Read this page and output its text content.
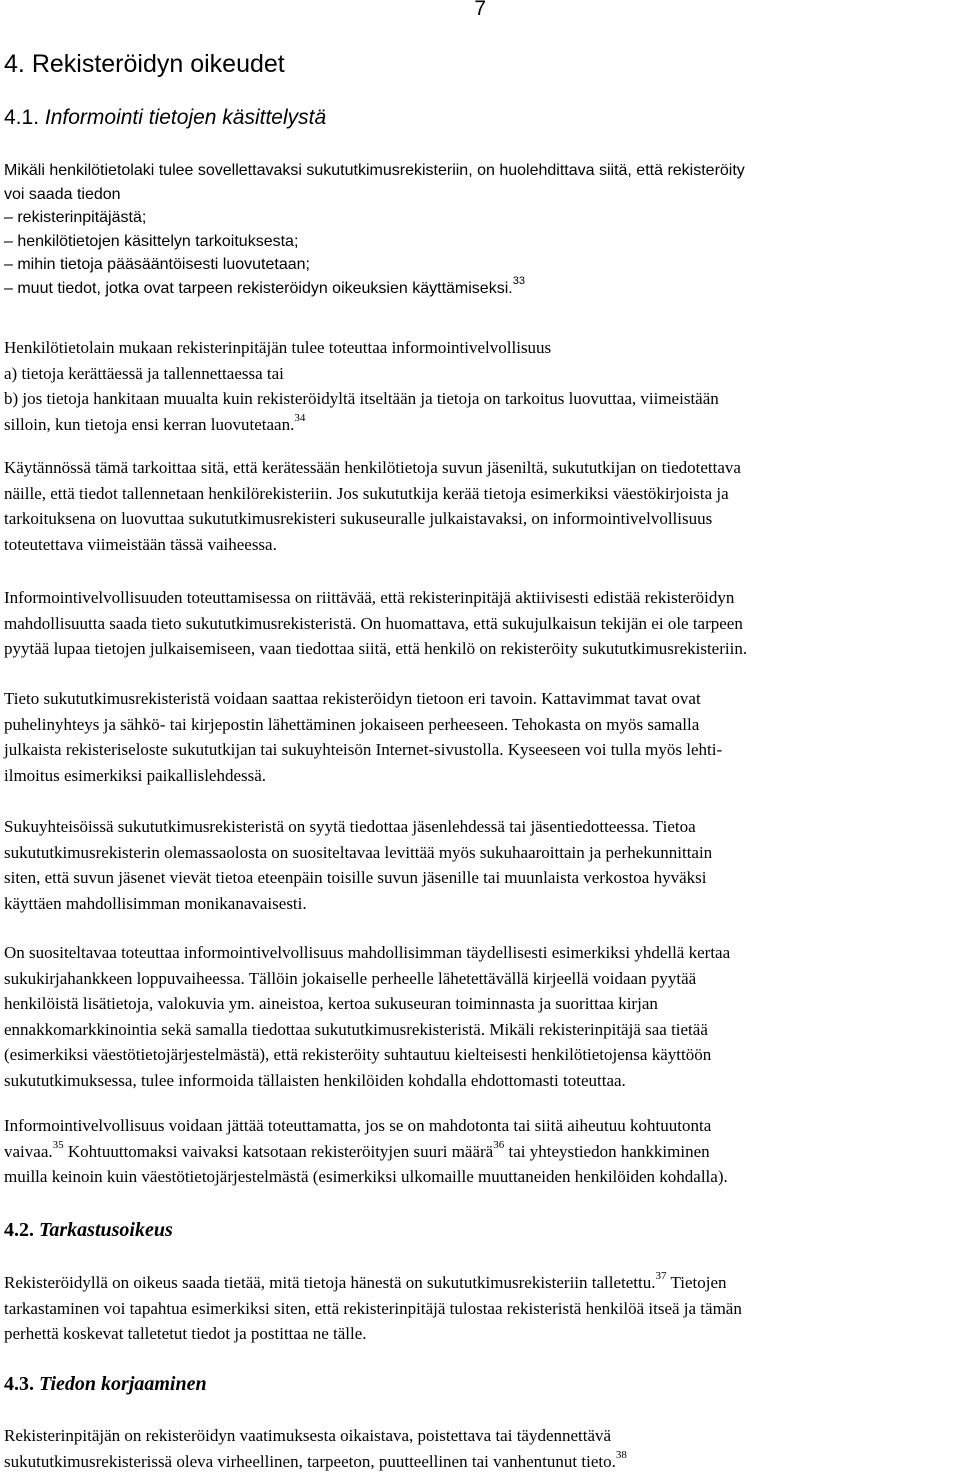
7
4. Rekisteröidyn oikeudet
4.1. Informointi tietojen käsittelystä
Mikäli henkilötietolaki tulee sovellettavaksi sukututkimusrekisteriin, on huolehdittava siitä, että rekisteröity
voi saada tiedon
– rekisterinpitäjästä;
– henkilötietojen käsittelyn tarkoituksesta;
– mihin tietoja pääsääntöisesti luovutetaan;
– muut tiedot, jotka ovat tarpeen rekisteröidyn oikeuksien käyttämiseksi.$^{33}$
Henkilötietolain mukaan rekisterinpitäjän tulee toteuttaa informointivelvollisuus
a) tietoja kerättäessä ja tallennettaessa tai
b) jos tietoja hankitaan muualta kuin rekisteröidyltä itseltään ja tietoja on tarkoitus luovuttaa, viimeistään
silloin, kun tietoja ensi kerran luovutetaan.$^{34}$
Käytännössä tämä tarkoittaa sitä, että kerätessään henkilötietoja suvun jäseniltä, sukututkijan on tiedotettava
näille, että tiedot tallennetaan henkilörekisteriin. Jos sukututkija kerää tietoja esimerkiksi väestökirjoista ja
tarkoituksena on luovuttaa sukututkimusrekisteri sukuseuralle julkaistavaksi, on informointivelvollisuus
toteutettava viimeistään tässä vaiheessa.
Informointivelvollisuuden toteuttamisessa on riittävää, että rekisterinpitäjä aktiivisesti edistää rekisteröidyn
mahdollisuutta saada tieto sukututkimusrekisteristä. On huomattava, että sukujulkaisun tekijän ei ole tarpeen
pyytää lupaa tietojen julkaisemiseen, vaan tiedottaa siitä, että henkilö on rekisteröity sukututkimusrekisteriin.
Tieto sukututkimusrekisteristä voidaan saattaa rekisteröidyn tietoon eri tavoin. Kattavimmat tavat ovat
puhelinyhteys ja sähkö- tai kirjepostin lähettäminen jokaiseen perheeseen. Tehokasta on myös samalla
julkaista rekisteriseloste sukututkijan tai sukuyhteisön Internet-sivustolla. Kyseeseen voi tulla myös lehti-
ilmoitus esimerkiksi paikallislehdessä.
Sukuyhteisöissä sukututkimusrekisteristä on syytä tiedottaa jäsenlehdessä tai jäsentiedotteessa. Tietoa
sukututkimusrekisterin olemassaolosta on suositeltavaa levittää myös sukuhaaroittain ja perhekunnittain
siten, että suvun jäsenet vievät tietoa eteenpäin toisille suvun jäsenille tai muunlaista verkostoa hyväksi
käyttäen mahdollisimman monikanavaisesti.
On suositeltavaa toteuttaa informointivelvollisuus mahdollisimman täydellisesti esimerkiksi yhdellä kertaa
sukukirjahankkeen loppuvaiheessa. Tällöin jokaiselle perheelle lähetettävällä kirjeellä voidaan pyytää
henkilöistä lisätietoja, valokuvia ym. aineistoa, kertoa sukuseuran toiminnasta ja suorittaa kirjan
ennakkomarkkinointia sekä samalla tiedottaa sukututkimusrekisteristä. Mikäli rekisterinpitäjä saa tietää
(esimerkiksi väestötietojärjestelmästä), että rekisteröity suhtautuu kielteisesti henkilötietojensa käyttöön
sukututkimuksessa, tulee informoida tällaisten henkilöiden kohdalla ehdottomasti toteuttaa.
Informointivelvollisuus voidaan jättää toteuttamatta, jos se on mahdotonta tai siitä aiheutuu kohtuutonta
vaivaa.$^{35}$ Kohtuuttomaksi vaivaksi katsotaan rekisteröityjen suuri määrä$^{36}$ tai yhteystiedon hankkiminen
muilla keinoin kuin väestötietojärjestelmästä (esimerkiksi ulkomaille muuttaneiden henkilöiden kohdalla).
4.2. Tarkastusoikeus
Rekisteröidyllä on oikeus saada tietää, mitä tietoja hänestä on sukututkimusrekisteriin talletettu.$^{37}$ Tietojen
tarkastaminen voi tapahtua esimerkiksi siten, että rekisterinpitäjä tulostaa rekisteristä henkilöä itseä ja tämän
perhettä koskevat talletetut tiedot ja postittaa ne tälle.
4.3. Tiedon korjaaminen
Rekisterinpitäjän on rekisteröidyn vaatimuksesta oikaistava, poistettava tai täydennettävä
sukututkimusrekisterissä oleva virheellinen, tarpeeton, puutteellinen tai vanhentunut tieto.$^{38}$
